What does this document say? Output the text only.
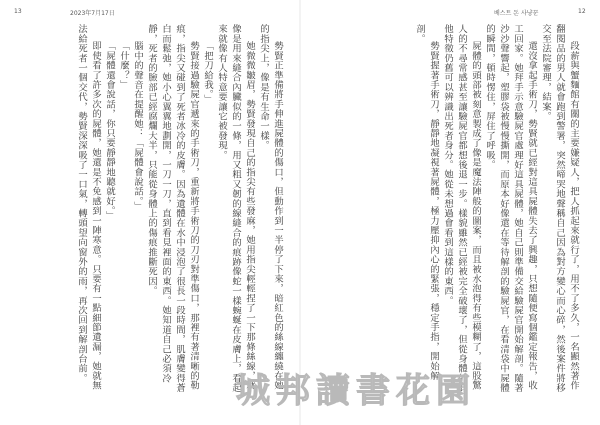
13	2023年7月17日	베스트 돈 사냥꾼	12

段薪與蟹麵館有關的主要嫌疑人，把人抓起來就行了，用不了多久，一名顯然著作翻閱品的男人就會跑到警署，突然啼哭地聲稱自己因為對方變心而心碎，然後案件將移交至法院審理，結案。

還沒拿起手術刀，勢賢就已經對這具屍體失去了興趣，只想隨便寫個鑑定報告，收工回家。她拜手示意驗屍官處理好這具屍體，她自己則準備交給驗屍官開始解剖。隨著沙沙聲響起，塑膠袋被慢慢撕開，而原本好像還在等待解剖的驗屍官，在看清袋中屍體的瞬間，頓時愣住，屏住了呼吸。

屍體的頭部被刻意製成了像是魔法陣般的圖案，而且被水泡得有些模糊了，這股驚人的不尋常感甚至讓驗屍官都想後退一步。樣貌雖然已經被完全破壞了，但從身體的其他特徵仍舊可以辨識出死者身分。她從未想過會看到這樣的東西。

勢賢握著手術刀，靜靜地凝視著屍體，極力壓抑內心的緊張，穩定手指，開始解剖。

勢賢正準備將手伸進屍體的傷口，但動作到一半停了下來，暗紅色的絲線纏繞在她的指尖上，像是有生命一樣。

她微微皺眉，勢賢發現自己的指尖有些發麻，她用指尖輕輕捏了一下那條絲線，就像是用來縫合內臟似的一條，用又粗又韌的線縫合的痕跡像蛇一樣蜿蜒在皮膚上，看起來就像有人特意要讓它被發現。

「把刀給我。」

勢賢接過驗屍官遞來的手術刀，重新將手術刀的刀刃對準傷口，那裡有著清晰的勒痕，指尖又碰到了死者冰冷的皮膚。因為遺體在水中浸泡了很長一段時間，肌膚變得蒼白而鬆弛，她小心翼翼地劃開，一刀一刀，直到看見裡面的東西。她知道自己必須冷靜，死者的臉部已經腐爛大半，只能從身體上的傷痕推斷死因。

腦中的聲音在提醒她：「屍體會說話。」

「什麼？」

「屍體還會說話，你只要靜靜地聽就好。」

即使看了許多次的屍體，她還是不免感到一陣寒意。只要有一點細節遺漏，她就無法給死者一個交代，勢賢深深吸了一口氣，轉頭望向窗外的雨，再次回到解剖台前。

城邦讀書花園
